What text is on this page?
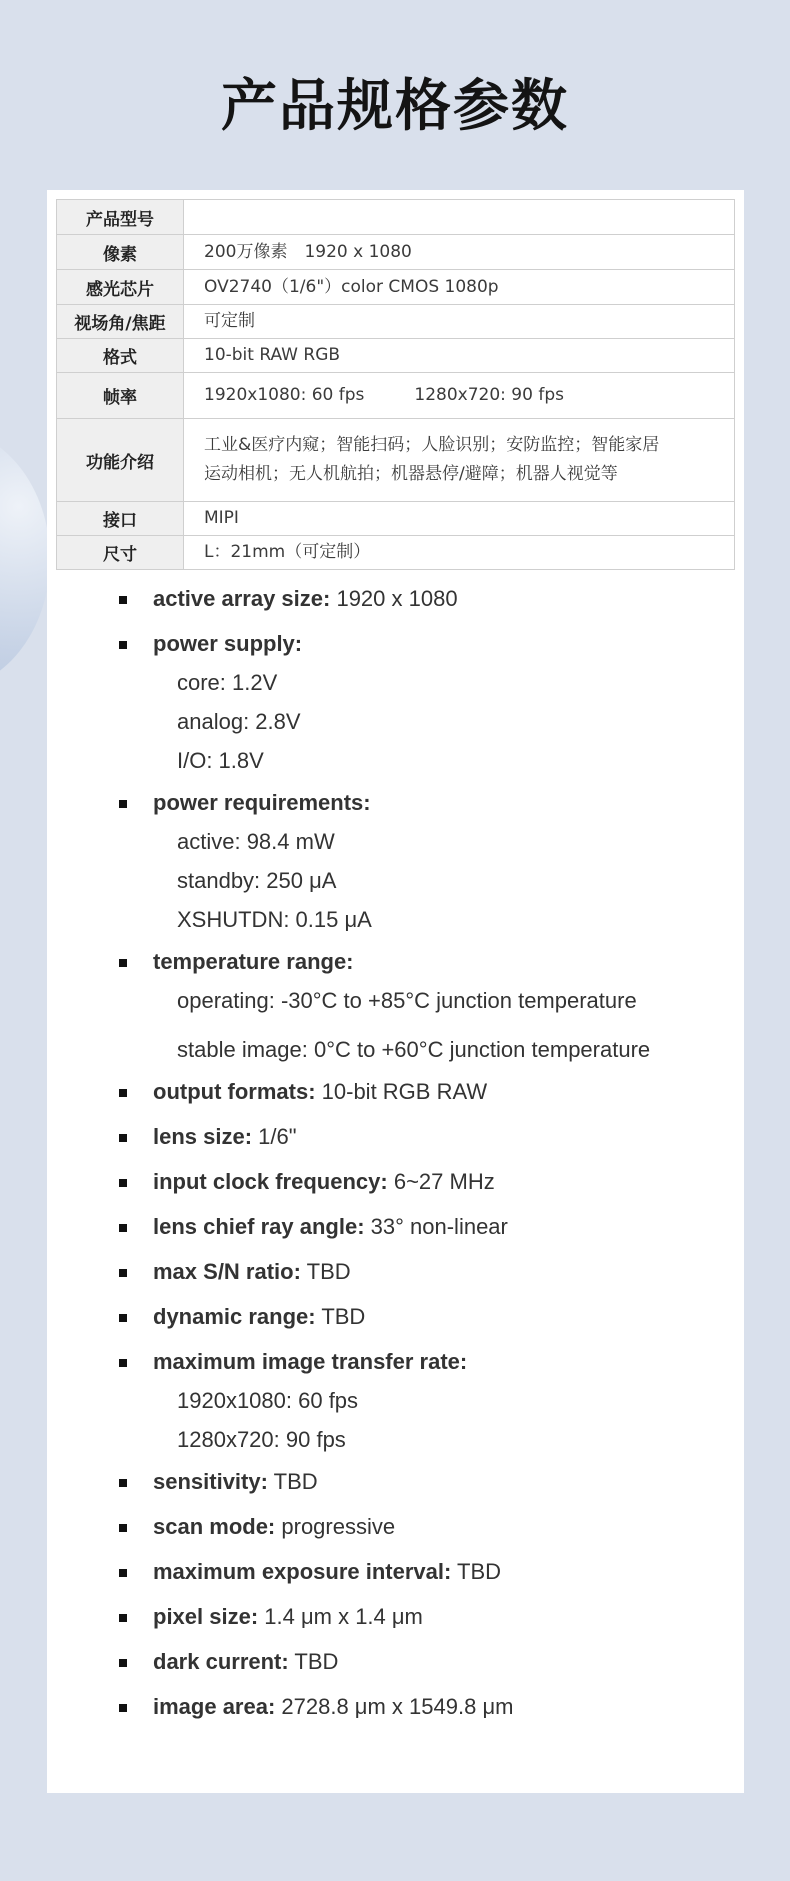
产品规格参数
产品型号	
像素	200万像素　1920 x 1080
感光芯片	OV2740（1/6"）color CMOS 1080p
视场角/焦距	可定制
格式	10-bit RAW RGB
帧率	1920x1080: 60 fps 1280x720: 90 fps
功能介绍	工业&医疗内窥；智能扫码；人脸识别；安防监控；智能家居
运动相机；无人机航拍；机器悬停/避障；机器人视觉等

接口	MIPI
尺寸	L：21mm（可定制）
active array size: 1920 x 1080
power supply:
core: 1.2V
analog: 2.8V
I/O: 1.8V
power requirements:
active: 98.4 mW
standby: 250 μA
XSHUTDN: 0.15 μA
temperature range:
operating: -30°C to +85°C junction temperature
stable image: 0°C to +60°C junction temperature
output formats: 10-bit RGB RAW
lens size: 1/6"
input clock frequency: 6~27 MHz
lens chief ray angle: 33° non-linear
max S/N ratio: TBD
dynamic range: TBD
maximum image transfer rate:
1920x1080: 60 fps
1280x720: 90 fps
sensitivity: TBD
scan mode: progressive
maximum exposure interval: TBD
pixel size: 1.4 μm x 1.4 μm
dark current: TBD
image area: 2728.8 μm x 1549.8 μm
